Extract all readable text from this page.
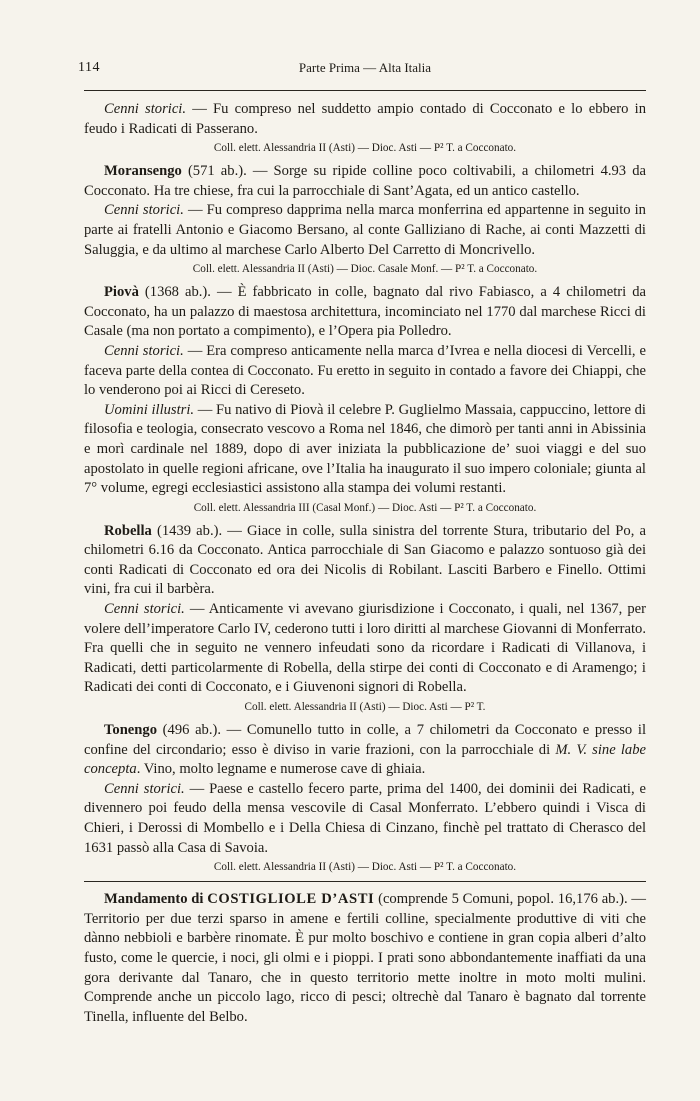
114	Parte Prima — Alta Italia

Cenni storici. — Fu compreso nel suddetto ampio contado di Cocconato e lo ebbero in feudo i Radicati di Passerano.

Coll. elett. Alessandria II (Asti) — Dioc. Asti — P² T. a Cocconato.

Moransengo (571 ab.). — Sorge su ripide colline poco coltivabili, a chilometri 4.93 da Cocconato. Ha tre chiese, fra cui la parrocchiale di Sant’Agata, ed un antico castello.

Cenni storici. — Fu compreso dapprima nella marca monferrina ed appartenne in seguito in parte ai fratelli Antonio e Giacomo Bersano, al conte Galliziano di Rache, ai conti Mazzetti di Saluggia, e da ultimo al marchese Carlo Alberto Del Carretto di Moncrivello.

Coll. elett. Alessandria II (Asti) — Dioc. Casale Monf. — P² T. a Cocconato.

Piovà (1368 ab.). — È fabbricato in colle, bagnato dal rivo Fabiasco, a 4 chilometri da Cocconato, ha un palazzo di maestosa architettura, incominciato nel 1770 dal marchese Ricci di Casale (ma non portato a compimento), e l’Opera pia Polledro.

Cenni storici. — Era compreso anticamente nella marca d’Ivrea e nella diocesi di Vercelli, e faceva parte della contea di Cocconato. Fu eretto in seguito in contado a favore dei Chiappi, che lo venderono poi ai Ricci di Cereseto.

Uomini illustri. — Fu nativo di Piovà il celebre P. Guglielmo Massaia, cappuccino, lettore di filosofia e teologia, consecrato vescovo a Roma nel 1846, che dimorò per tanti anni in Abissinia e morì cardinale nel 1889, dopo di aver iniziata la pubblicazione de’ suoi viaggi e del suo apostolato in quelle regioni africane, ove l’Italia ha inaugurato il suo impero coloniale; giunta al 7° volume, egregi ecclesiastici assistono alla stampa dei volumi restanti.

Coll. elett. Alessandria III (Casal Monf.) — Dioc. Asti — P² T. a Cocconato.

Robella (1439 ab.). — Giace in colle, sulla sinistra del torrente Stura, tributario del Po, a chilometri 6.16 da Cocconato. Antica parrocchiale di San Giacomo e palazzo sontuoso già dei conti Radicati di Cocconato ed ora dei Nicolis di Robilant. Lasciti Barbero e Finello. Ottimi vini, fra cui il barbèra.

Cenni storici. — Anticamente vi avevano giurisdizione i Cocconato, i quali, nel 1367, per volere dell’imperatore Carlo IV, cederono tutti i loro diritti al marchese Giovanni di Monferrato. Fra quelli che in seguito ne vennero infeudati sono da ricordare i Radicati di Villanova, i Radicati, detti particolarmente di Robella, della stirpe dei conti di Cocconato e di Aramengo; i Radicati dei conti di Cocconato, e i Giuvenoni signori di Robella.

Coll. elett. Alessandria II (Asti) — Dioc. Asti — P² T.

Tonengo (496 ab.). — Comunello tutto in colle, a 7 chilometri da Cocconato e presso il confine del circondario; esso è diviso in varie frazioni, con la parrocchiale di M. V. sine labe concepta. Vino, molto legname e numerose cave di ghiaia.

Cenni storici. — Paese e castello fecero parte, prima del 1400, dei dominii dei Radicati, e divennero poi feudo della mensa vescovile di Casal Monferrato. L’ebbero quindi i Visca di Chieri, i Derossi di Mombello e i Della Chiesa di Cinzano, finchè pel trattato di Cherasco del 1631 passò alla Casa di Savoia.

Coll. elett. Alessandria II (Asti) — Dioc. Asti — P² T. a Cocconato.

Mandamento di COSTIGLIOLE D’ASTI (comprende 5 Comuni, popol. 16,176 ab.). — Territorio per due terzi sparso in amene e fertili colline, specialmente produttive di viti che dànno nebbioli e barbère rinomate. È pur molto boschivo e contiene in gran copia alberi d’alto fusto, come le quercie, i noci, gli olmi e i pioppi. I prati sono abbondantemente inaffiati da una gora derivante dal Tanaro, che in questo territorio mette inoltre in moto molti mulini. Comprende anche un piccolo lago, ricco di pesci; oltrechè dal Tanaro è bagnato dal torrente Tinella, influente del Belbo.
